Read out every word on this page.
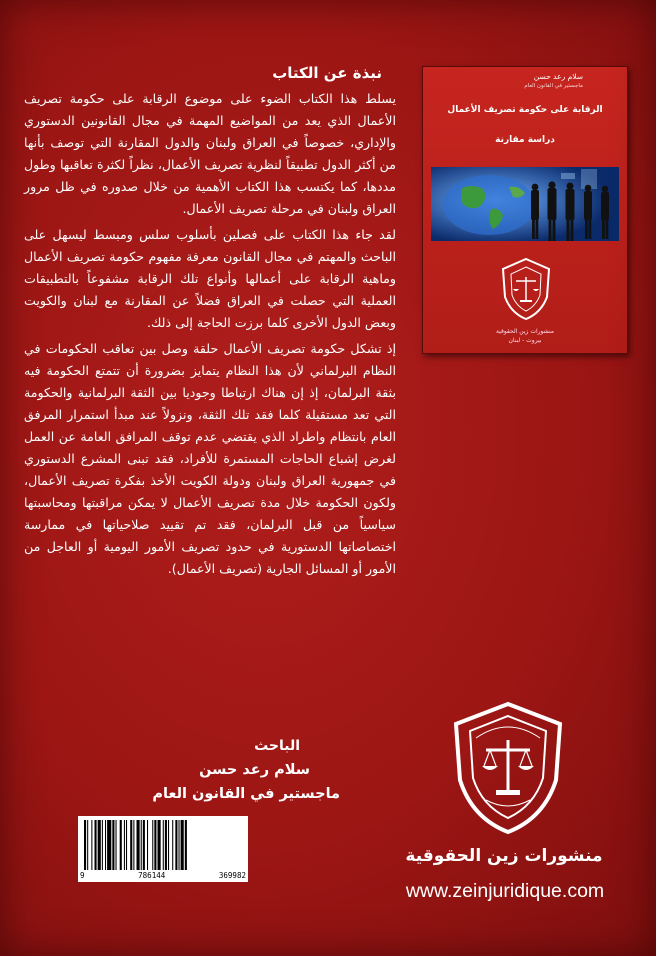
نبذة عن الكتاب

يسلط هذا الكتاب الضوء على موضوع الرقابة على حكومة تصريف الأعمال الذي يعد من المواضيع المهمة في مجال القانونين الدستوري والإداري، خصوصاً في العراق ولبنان والدول المقارنة التي توصف بأنها من أكثر الدول تطبيقاً لنظرية تصريف الأعمال، نظراً لكثرة تعاقبها وطول مددها، كما يكتسب هذا الكتاب الأهمية من خلال صدوره في ظل مرور العراق ولبنان في مرحلة تصريف الأعمال.

لقد جاء هذا الكتاب على فصلين بأسلوب سلس ومبسط ليسهل على الباحث والمهتم في مجال القانون معرفة مفهوم حكومة تصريف الأعمال وماهية الرقابة على أعمالها وأنواع تلك الرقابة مشفوعاً بالتطبيقات العملية التي حصلت في العراق فضلاً عن المقارنة مع لبنان والكويت وبعض الدول الأخرى كلما برزت الحاجة إلى ذلك.

إذ تشكل حكومة تصريف الأعمال حلقة وصل بين تعاقب الحكومات في النظام البرلماني لأن هذا النظام يتمايز بضرورة أن تتمتع الحكومة فيه بثقة البرلمان، إذ إن هناك ارتباطا وجوديا بين الثقة البرلمانية والحكومة التي تعد مستقيلة كلما فقد تلك الثقة، ونزولاً عند مبدأ استمرار المرفق العام بانتظام واطراد الذي يقتضي عدم توقف المرافق العامة عن العمل لغرض إشباع الحاجات المستمرة للأفراد، فقد تبنى المشرع الدستوري في جمهورية العراق ولبنان ودولة الكويت الأخذ بفكرة تصريف الأعمال، ولكون الحكومة خلال مدة تصريف الأعمال لا يمكن مراقبتها ومحاسبتها سياسياً من قبل البرلمان، فقد تم تقييد صلاحياتها في ممارسة اختصاصاتها الدستورية في حدود تصريف الأمور اليومية أو العاجل من الأمور أو المسائل الجارية (تصريف الأعمال).

الباحث
سلام رعد حسن
ماجستير في القانون العام
سلام رعد حسن
ماجستير في القانون العام
الرقابة على حكومة تصريف الأعمال
دراسة مقارنة
منشورات زين الحقوقية
بيروت - لبنان
9	786144	369982
منشورات زين الحقوقية
www.zeinjuridique.com
